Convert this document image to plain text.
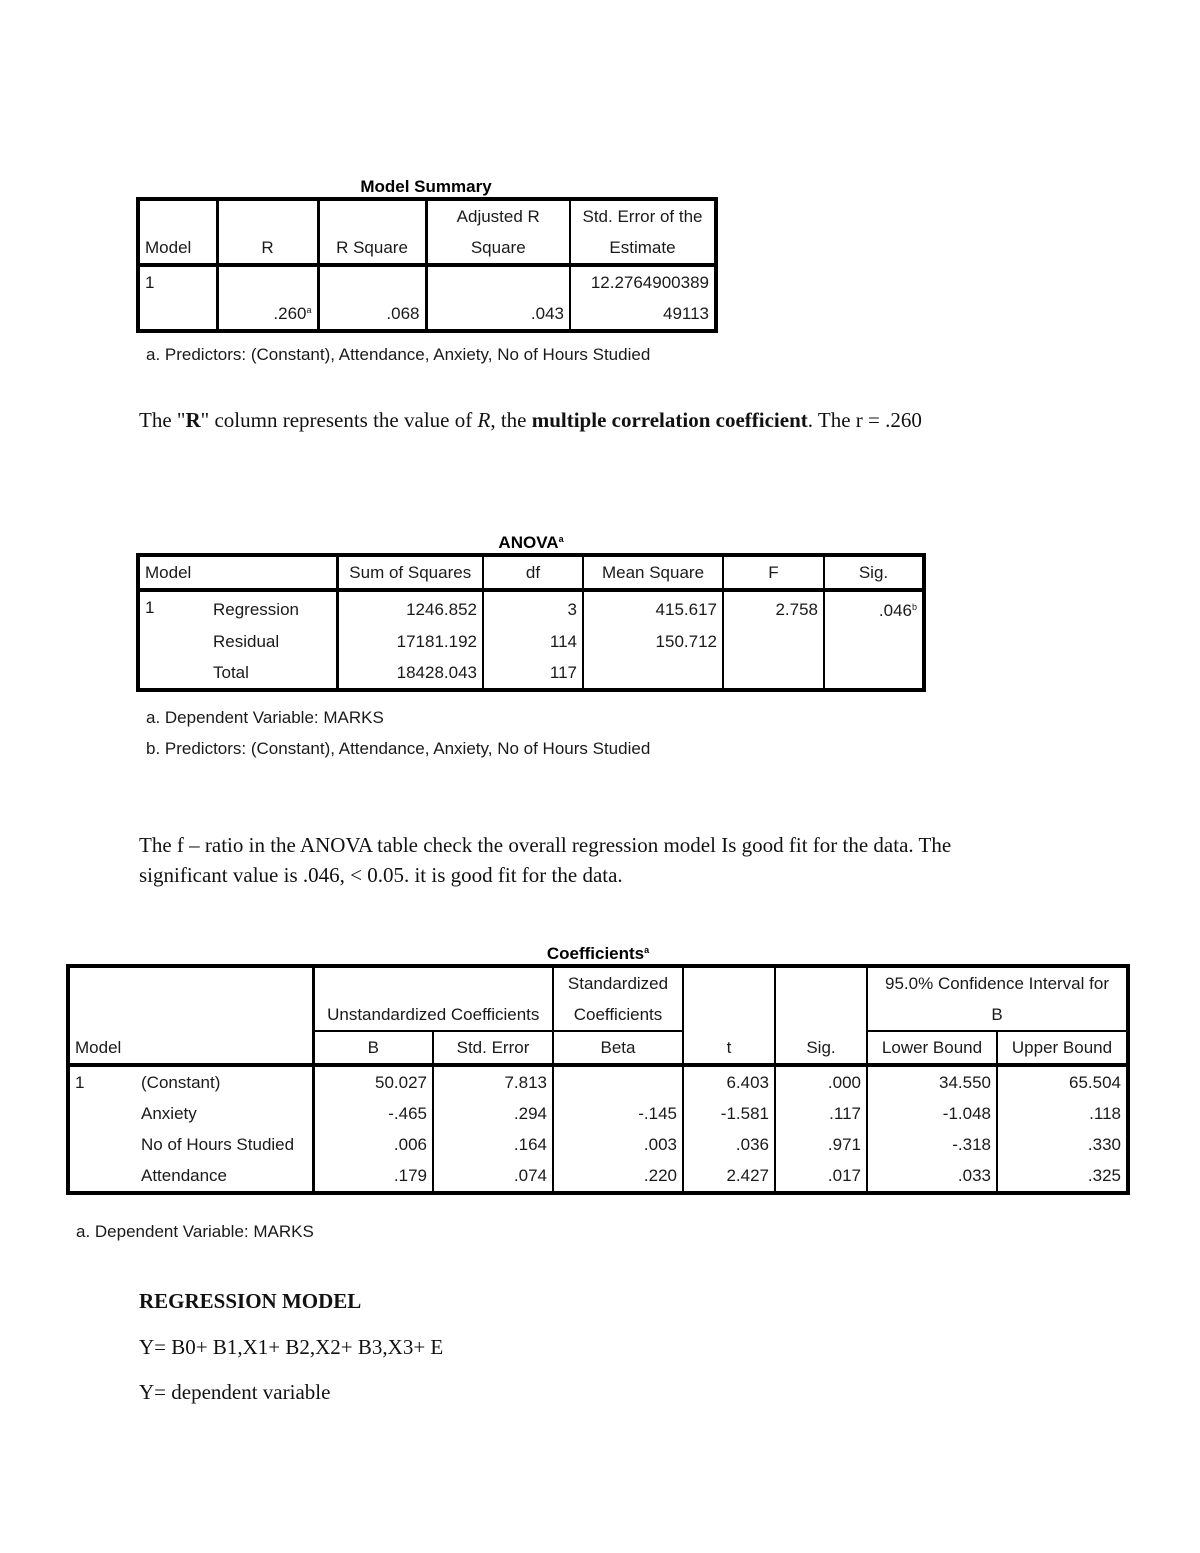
Model Summary
Model	R	R Square	Adjusted R	Std. Error of the
			Square	Estimate
1	.260$^a$	.068	.043	12.2764900389
				49113

a. Predictors: (Constant), Attendance, Anxiety, No of Hours Studied

The "R" column represents the value of R, the multiple correlation coefficient. The r = .260

ANOVA$^a$
Model		Sum of Squares	df	Mean Square	F	Sig.
1	Regression	1246.852	3	415.617	2.758	.046$^b$
	Residual	17181.192	114	150.712		
	Total	18428.043	117			

a. Dependent Variable: MARKS

b. Predictors: (Constant), Attendance, Anxiety, No of Hours Studied

The f – ratio in the ANOVA table check the overall regression model Is good fit for the data. The
significant value is .046, < 0.05. it is good fit for the data.

Coefficients$^a$
Model		Unstandardized Coefficients		Standardized	t	Sig.	95.0% Confidence Interval for	
				Coefficients			B	
		B	Std. Error	Beta			Lower Bound	Upper Bound
1	(Constant)	50.027	7.813		6.403	.000	34.550	65.504
	Anxiety	-.465	.294	-.145	-1.581	.117	-1.048	.118
	No of Hours Studied	.006	.164	.003	.036	.971	-.318	.330
	Attendance	.179	.074	.220	2.427	.017	.033	.325

a. Dependent Variable: MARKS

REGRESSION MODEL

Y= B0+ B1,X1+ B2,X2+ B3,X3+ E

Y= dependent variable
